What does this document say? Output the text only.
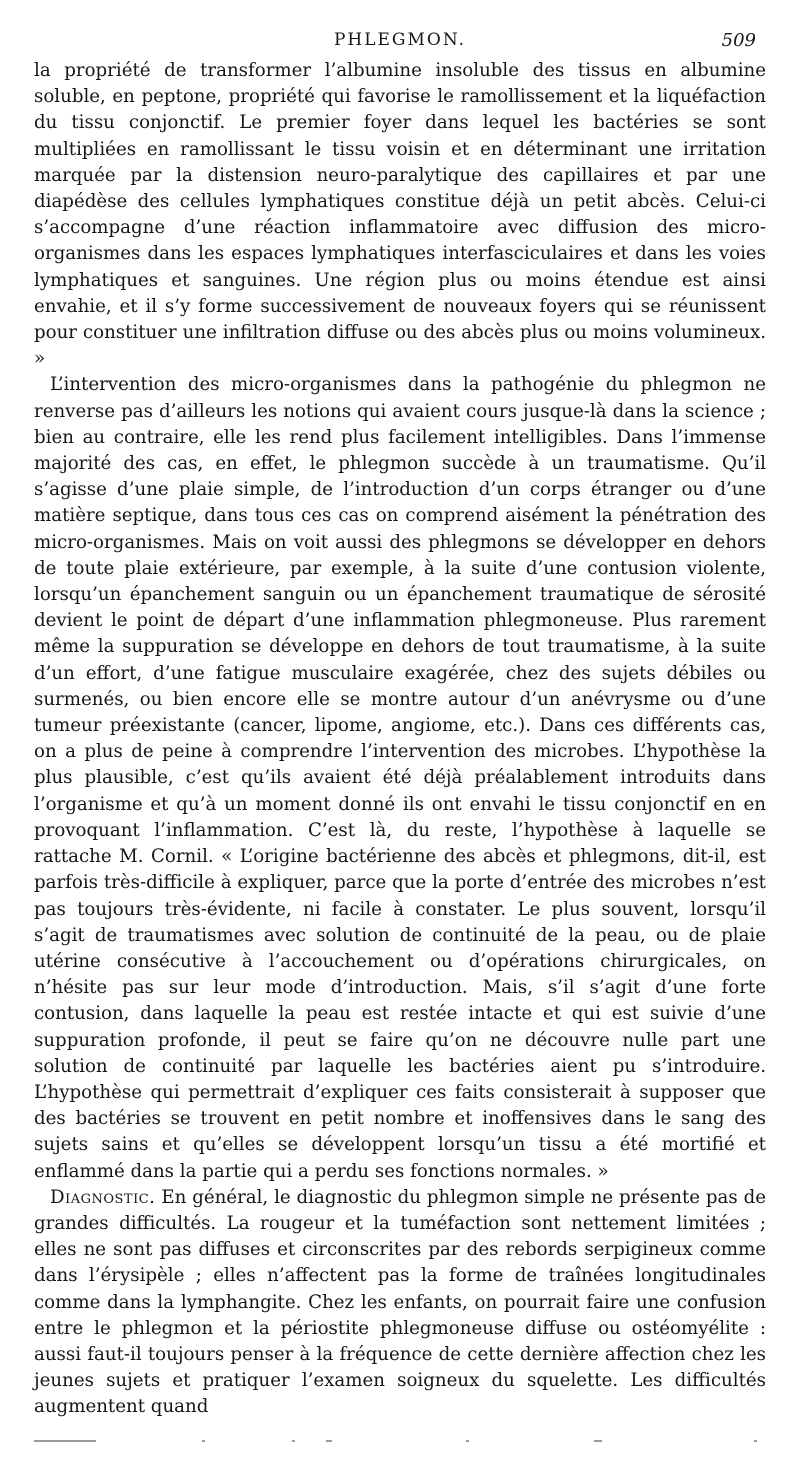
PHLEGMON.	509

la propriété de transformer l’albumine insoluble des tissus en albumine soluble, en peptone, propriété qui favorise le ramollissement et la liquéfaction du tissu conjonctif. Le premier foyer dans lequel les bactéries se sont multipliées en ramollissant le tissu voisin et en déterminant une irritation marquée par la distension neuro-paralytique des capillaires et par une diapédèse des cellules lymphatiques constitue déjà un petit abcès. Celui-ci s’accompagne d’une réaction inflammatoire avec diffusion des micro-organismes dans les espaces lymphatiques interfasciculaires et dans les voies lymphatiques et sanguines. Une région plus ou moins étendue est ainsi envahie, et il s’y forme successivement de nouveaux foyers qui se réunissent pour constituer une infiltration diffuse ou des abcès plus ou moins volumineux. »

L’intervention des micro-organismes dans la pathogénie du phlegmon ne renverse pas d’ailleurs les notions qui avaient cours jusque-là dans la science ; bien au contraire, elle les rend plus facilement intelligibles. Dans l’immense majorité des cas, en effet, le phlegmon succède à un traumatisme. Qu’il s’agisse d’une plaie simple, de l’introduction d’un corps étranger ou d’une matière septique, dans tous ces cas on comprend aisément la pénétration des micro-organismes. Mais on voit aussi des phlegmons se développer en dehors de toute plaie extérieure, par exemple, à la suite d’une contusion violente, lorsqu’un épanchement sanguin ou un épanchement traumatique de sérosité devient le point de départ d’une inflammation phlegmoneuse. Plus rarement même la suppuration se développe en dehors de tout traumatisme, à la suite d’un effort, d’une fatigue musculaire exagérée, chez des sujets débiles ou surmenés, ou bien encore elle se montre autour d’un anévrysme ou d’une tumeur préexistante (cancer, lipome, angiome, etc.). Dans ces différents cas, on a plus de peine à comprendre l’intervention des microbes. L’hypothèse la plus plausible, c’est qu’ils avaient été déjà préalablement introduits dans l’organisme et qu’à un moment donné ils ont envahi le tissu conjonctif en en provoquant l’inflammation. C’est là, du reste, l’hypothèse à laquelle se rattache M. Cornil. « L’origine bactérienne des abcès et phlegmons, dit-il, est parfois très-difficile à expliquer, parce que la porte d’entrée des microbes n’est pas toujours très-évidente, ni facile à constater. Le plus souvent, lorsqu’il s’agit de traumatismes avec solution de continuité de la peau, ou de plaie utérine consécutive à l’accouchement ou d’opérations chirurgicales, on n’hésite pas sur leur mode d’introduction. Mais, s’il s’agit d’une forte contusion, dans laquelle la peau est restée intacte et qui est suivie d’une suppuration profonde, il peut se faire qu’on ne découvre nulle part une solution de continuité par laquelle les bactéries aient pu s’introduire. L’hypothèse qui permettrait d’expliquer ces faits consisterait à supposer que des bactéries se trouvent en petit nombre et inoffensives dans le sang des sujets sains et qu’elles se développent lorsqu’un tissu a été mortifié et enflammé dans la partie qui a perdu ses fonctions normales. »

Diagnostic. En général, le diagnostic du phlegmon simple ne présente pas de grandes difficultés. La rougeur et la tuméfaction sont nettement limitées ; elles ne sont pas diffuses et circonscrites par des rebords serpigineux comme dans l’érysipèle ; elles n’affectent pas la forme de traînées longitudinales comme dans la lymphangite. Chez les enfants, on pourrait faire une confusion entre le phlegmon et la périostite phlegmoneuse diffuse ou ostéomyélite : aussi faut-il toujours penser à la fréquence de cette dernière affection chez les jeunes sujets et pratiquer l’examen soigneux du squelette. Les difficultés augmentent quand
